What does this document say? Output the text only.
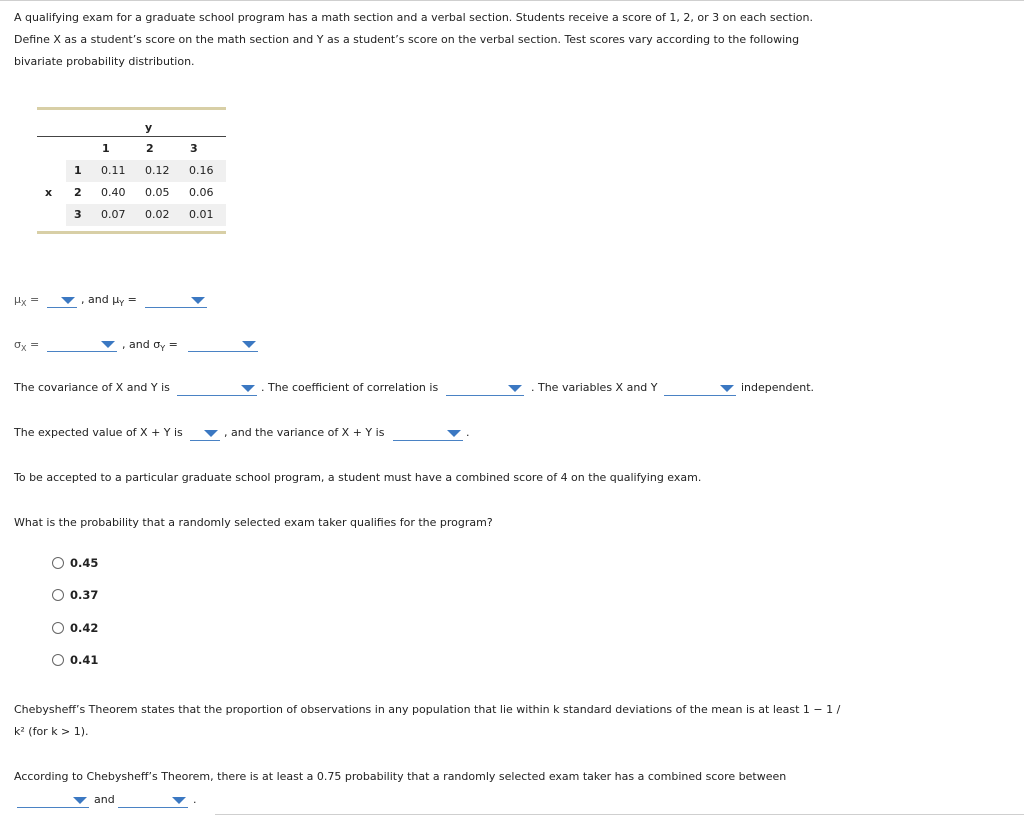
A qualifying exam for a graduate school program has a math section and a verbal section. Students receive a score of 1, 2, or 3 on each section.
Define X as a student’s score on the math section and Y as a student’s score on the verbal section. Test scores vary according to the following
bivariate probability distribution.
y
1	2	3
x
1 0.11 0.12 0.16
2 0.40 0.05 0.06
3 0.07 0.02 0.01
$\mu_X$ =	, and $\mu_Y$ =
$\sigma_X$ =	, and $\sigma_Y$ =
The covariance of X and Y is	. The coefficient of correlation is	. The variables X and Y	independent.
The expected value of X + Y is	, and the variance of X + Y is	.
To be accepted to a particular graduate school program, a student must have a combined score of 4 on the qualifying exam.
What is the probability that a randomly selected exam taker qualifies for the program?
0.45
0.37
0.42
0.41
Chebysheff’s Theorem states that the proportion of observations in any population that lie within k standard deviations of the mean is at least 1 − 1 /
k² (for k > 1).
According to Chebysheff’s Theorem, there is at least a 0.75 probability that a randomly selected exam taker has a combined score between
and	.
